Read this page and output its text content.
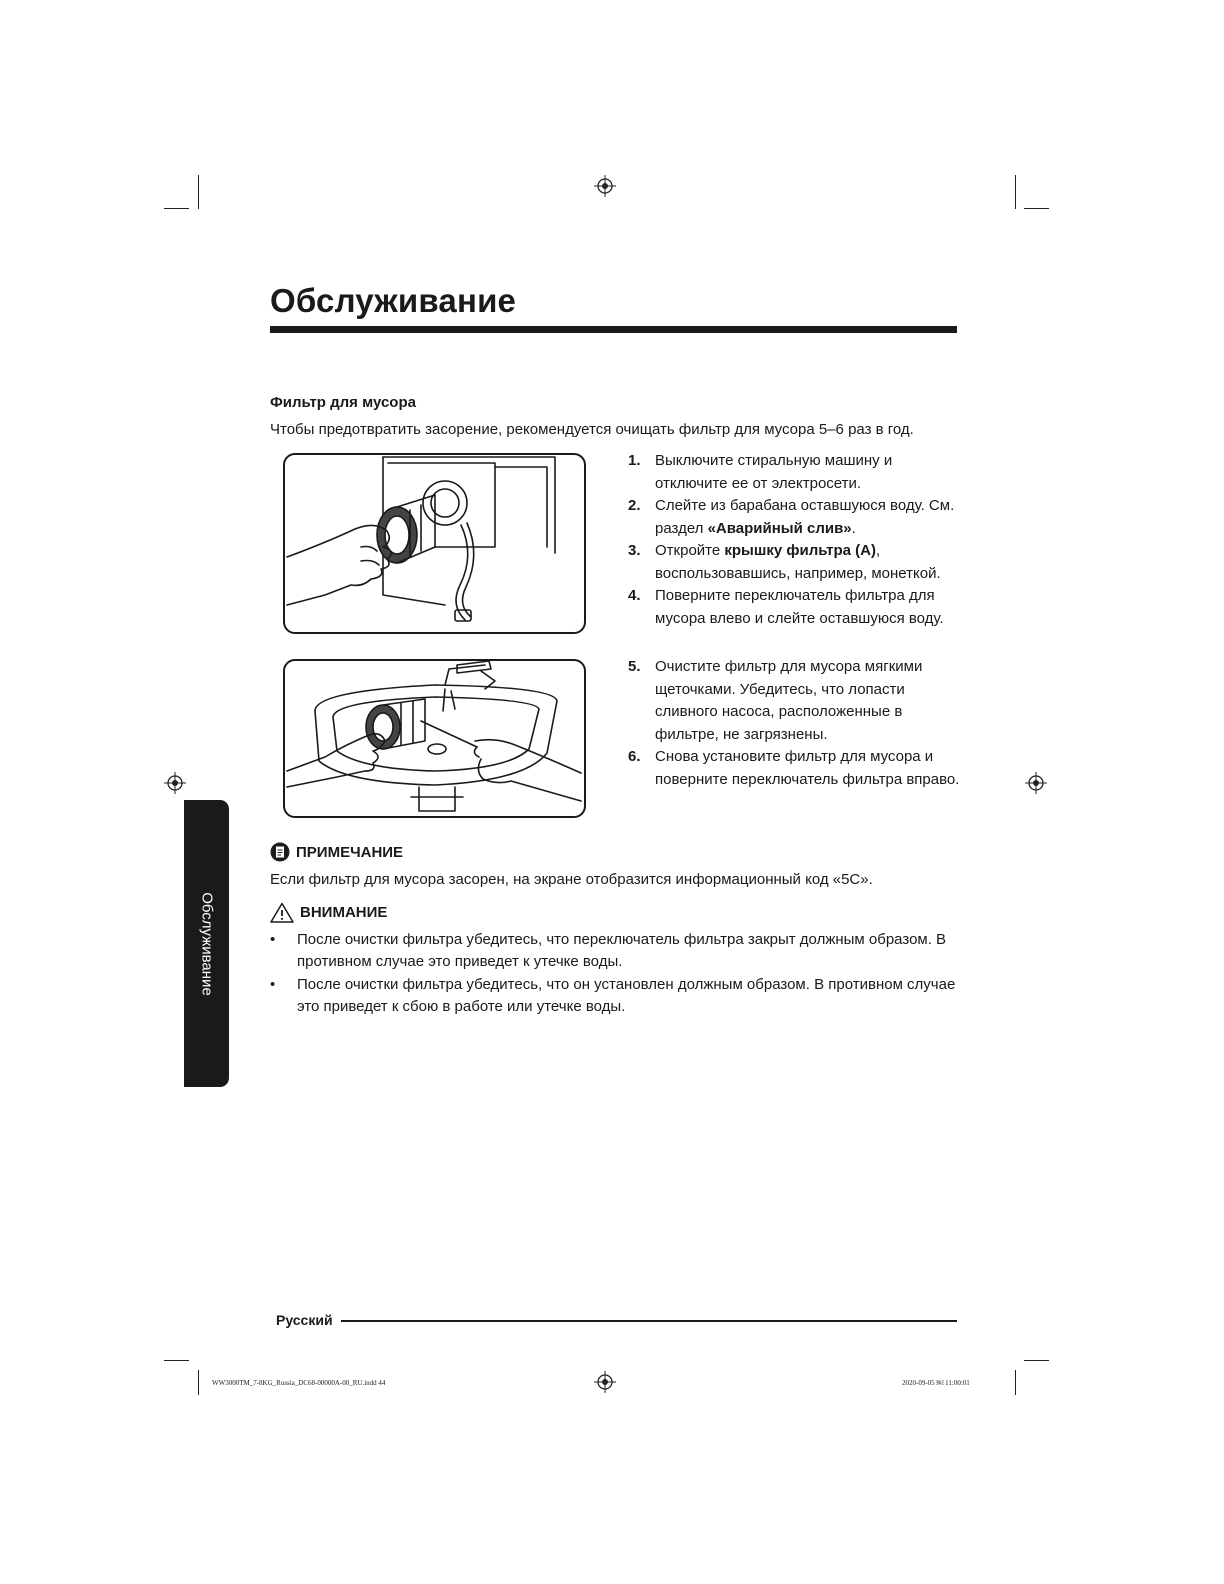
Обслуживание
Фильтр для мусора
Чтобы предотвратить засорение, рекомендуется очищать фильтр для мусора 5–6 раз в год.
1. Выключите стиральную машину и отключите ее от электросети.
2. Слейте из барабана оставшуюся воду. См. раздел «Аварийный слив».
3. Откройте крышку фильтра (A), воспользовавшись, например, монеткой.
4. Поверните переключатель фильтра для мусора влево и слейте оставшуюся воду.
5. Очистите фильтр для мусора мягкими щеточками. Убедитесь, что лопасти сливного насоса, расположенные в фильтре, не загрязнены.
6. Снова установите фильтр для мусора и поверните переключатель фильтра вправо.
ПРИМЕЧАНИЕ
Если фильтр для мусора засорен, на экране отобразится информационный код «5C».
ВНИМАНИЕ
• После очистки фильтра убедитесь, что переключатель фильтра закрыт должным образом. В противном случае это приведет к утечке воды.
• После очистки фильтра убедитесь, что он установлен должным образом. В противном случае это приведет к сбою в работе или утечке воды.
Обслуживание
Русский
WW3000TM_7-8KG_Russia_DC68-00000A-00_RU.indd 44	2020-09-05 ￼ 11:00:01
